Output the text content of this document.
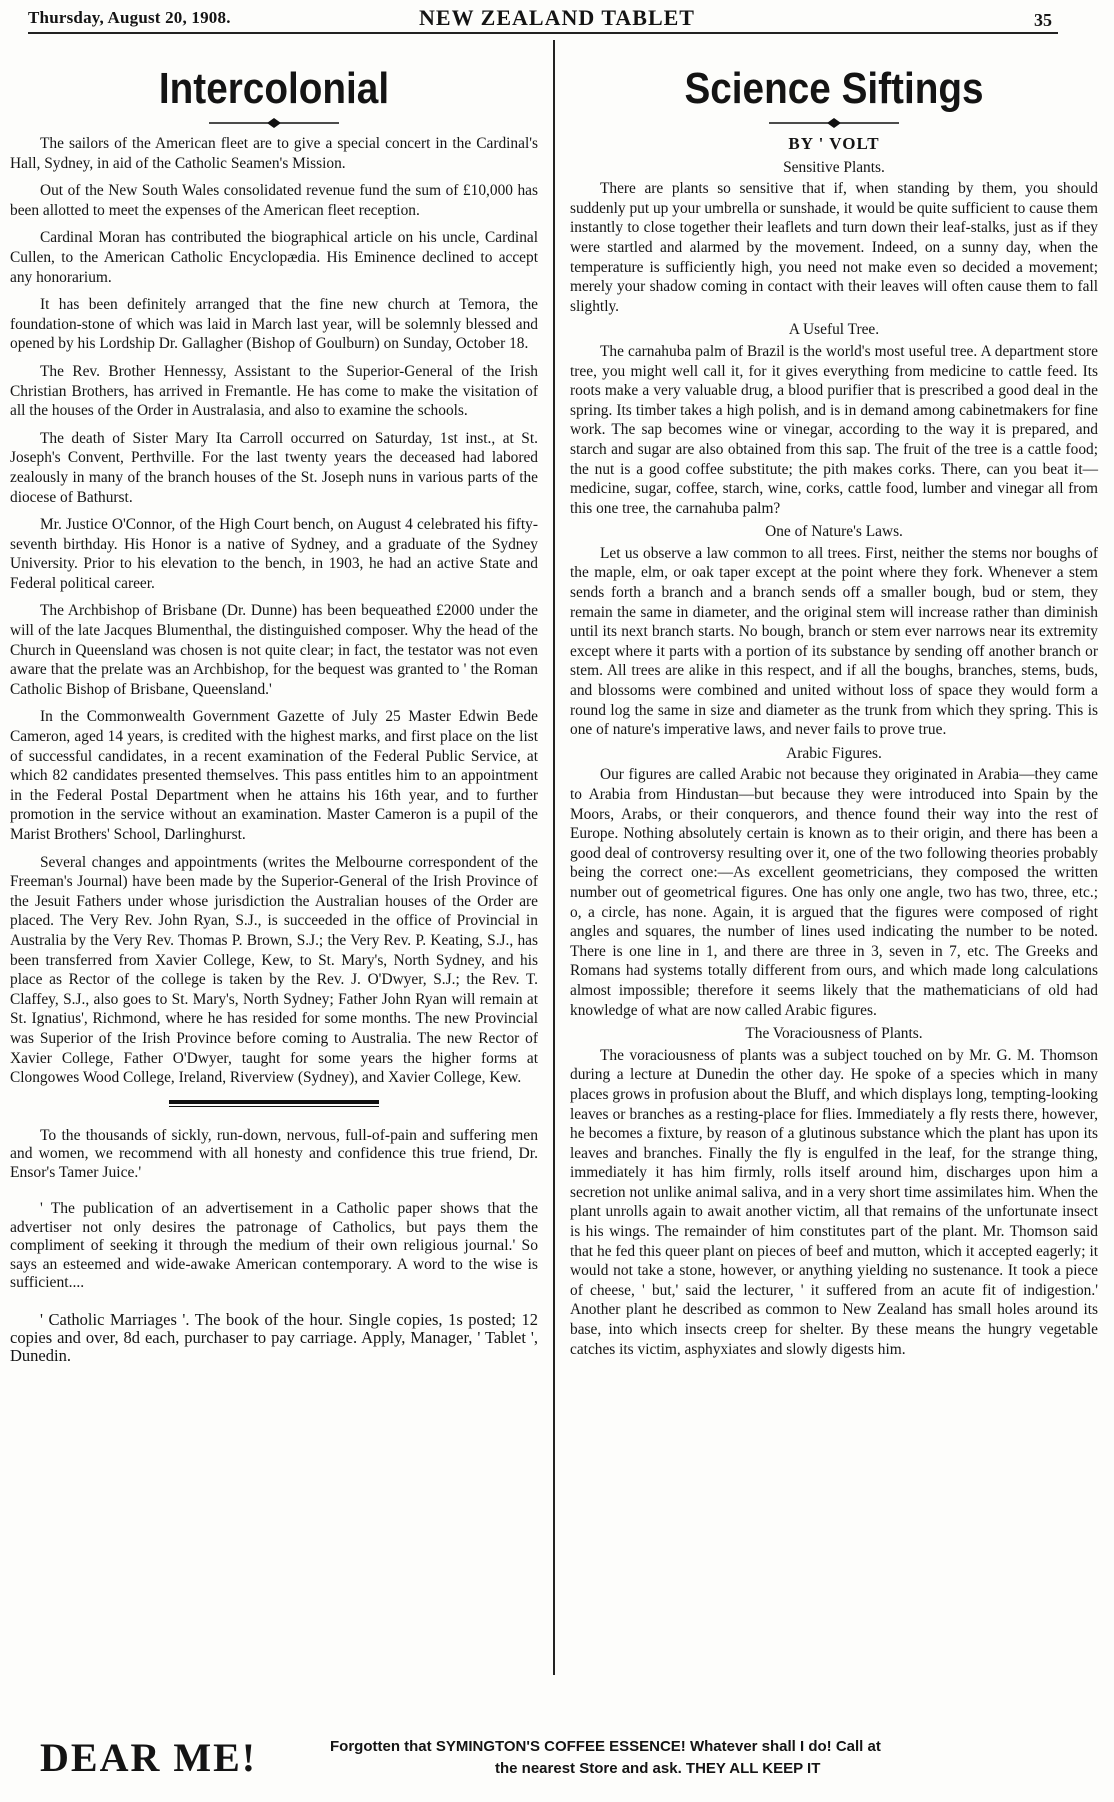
Thursday, August 20, 1908.	NEW ZEALAND TABLET	35
Intercolonial

The sailors of the American fleet are to give a special concert in the Cardinal's Hall, Sydney, in aid of the Catholic Seamen's Mission.

Out of the New South Wales consolidated revenue fund the sum of £10,000 has been allotted to meet the expenses of the American fleet reception.

Cardinal Moran has contributed the biographical article on his uncle, Cardinal Cullen, to the American Catholic Encyclopædia. His Eminence declined to accept any honorarium.

It has been definitely arranged that the fine new church at Temora, the foundation-stone of which was laid in March last year, will be solemnly blessed and opened by his Lordship Dr. Gallagher (Bishop of Goulburn) on Sunday, October 18.

The Rev. Brother Hennessy, Assistant to the Superior-General of the Irish Christian Brothers, has arrived in Fremantle. He has come to make the visitation of all the houses of the Order in Australasia, and also to examine the schools.

The death of Sister Mary Ita Carroll occurred on Saturday, 1st inst., at St. Joseph's Convent, Perthville. For the last twenty years the deceased had labored zealously in many of the branch houses of the St. Joseph nuns in various parts of the diocese of Bathurst.

Mr. Justice O'Connor, of the High Court bench, on August 4 celebrated his fifty-seventh birthday. His Honor is a native of Sydney, and a graduate of the Sydney University. Prior to his elevation to the bench, in 1903, he had an active State and Federal political career.

The Archbishop of Brisbane (Dr. Dunne) has been bequeathed £2000 under the will of the late Jacques Blumenthal, the distinguished composer. Why the head of the Church in Queensland was chosen is not quite clear; in fact, the testator was not even aware that the prelate was an Archbishop, for the bequest was granted to ' the Roman Catholic Bishop of Brisbane, Queensland.'

In the Commonwealth Government Gazette of July 25 Master Edwin Bede Cameron, aged 14 years, is credited with the highest marks, and first place on the list of successful candidates, in a recent examination of the Federal Public Service, at which 82 candidates presented themselves. This pass entitles him to an appointment in the Federal Postal Department when he attains his 16th year, and to further promotion in the service without an examination. Master Cameron is a pupil of the Marist Brothers' School, Darlinghurst.

Several changes and appointments (writes the Melbourne correspondent of the Freeman's Journal) have been made by the Superior-General of the Irish Province of the Jesuit Fathers under whose jurisdiction the Australian houses of the Order are placed. The Very Rev. John Ryan, S.J., is succeeded in the office of Provincial in Australia by the Very Rev. Thomas P. Brown, S.J.; the Very Rev. P. Keating, S.J., has been transferred from Xavier College, Kew, to St. Mary's, North Sydney, and his place as Rector of the college is taken by the Rev. J. O'Dwyer, S.J.; the Rev. T. Claffey, S.J., also goes to St. Mary's, North Sydney; Father John Ryan will remain at St. Ignatius', Richmond, where he has resided for some months. The new Provincial was Superior of the Irish Province before coming to Australia. The new Rector of Xavier College, Father O'Dwyer, taught for some years the higher forms at Clongowes Wood College, Ireland, Riverview (Sydney), and Xavier College, Kew.

To the thousands of sickly, run-down, nervous, full-of-pain and suffering men and women, we recommend with all honesty and confidence this true friend, Dr. Ensor's Tamer Juice.'

' The publication of an advertisement in a Catholic paper shows that the advertiser not only desires the patronage of Catholics, but pays them the compliment of seeking it through the medium of their own religious journal.' So says an esteemed and wide-awake American contemporary. A word to the wise is sufficient....

' Catholic Marriages '. The book of the hour. Single copies, 1s posted; 12 copies and over, 8d each, purchaser to pay carriage. Apply, Manager, ' Tablet ', Dunedin.

Science Siftings
BY ' VOLT
Sensitive Plants.

There are plants so sensitive that if, when standing by them, you should suddenly put up your umbrella or sunshade, it would be quite sufficient to cause them instantly to close together their leaflets and turn down their leaf-stalks, just as if they were startled and alarmed by the movement. Indeed, on a sunny day, when the temperature is sufficiently high, you need not make even so decided a movement; merely your shadow coming in contact with their leaves will often cause them to fall slightly.

A Useful Tree.

The carnahuba palm of Brazil is the world's most useful tree. A department store tree, you might well call it, for it gives everything from medicine to cattle feed. Its roots make a very valuable drug, a blood purifier that is prescribed a good deal in the spring. Its timber takes a high polish, and is in demand among cabinetmakers for fine work. The sap becomes wine or vinegar, according to the way it is prepared, and starch and sugar are also obtained from this sap. The fruit of the tree is a cattle food; the nut is a good coffee substitute; the pith makes corks. There, can you beat it—medicine, sugar, coffee, starch, wine, corks, cattle food, lumber and vinegar all from this one tree, the carnahuba palm?

One of Nature's Laws.

Let us observe a law common to all trees. First, neither the stems nor boughs of the maple, elm, or oak taper except at the point where they fork. Whenever a stem sends forth a branch and a branch sends off a smaller bough, bud or stem, they remain the same in diameter, and the original stem will increase rather than diminish until its next branch starts. No bough, branch or stem ever narrows near its extremity except where it parts with a portion of its substance by sending off another branch or stem. All trees are alike in this respect, and if all the boughs, branches, stems, buds, and blossoms were combined and united without loss of space they would form a round log the same in size and diameter as the trunk from which they spring. This is one of nature's imperative laws, and never fails to prove true.

Arabic Figures.

Our figures are called Arabic not because they originated in Arabia—they came to Arabia from Hindustan—but because they were introduced into Spain by the Moors, Arabs, or their conquerors, and thence found their way into the rest of Europe. Nothing absolutely certain is known as to their origin, and there has been a good deal of controversy resulting over it, one of the two following theories probably being the correct one:—As excellent geometricians, they composed the written number out of geometrical figures. One has only one angle, two has two, three, etc.; o, a circle, has none. Again, it is argued that the figures were composed of right angles and squares, the number of lines used indicating the number to be noted. There is one line in 1, and there are three in 3, seven in 7, etc. The Greeks and Romans had systems totally different from ours, and which made long calculations almost impossible; therefore it seems likely that the mathematicians of old had knowledge of what are now called Arabic figures.

The Voraciousness of Plants.

The voraciousness of plants was a subject touched on by Mr. G. M. Thomson during a lecture at Dunedin the other day. He spoke of a species which in many places grows in profusion about the Bluff, and which displays long, tempting-looking leaves or branches as a resting-place for flies. Immediately a fly rests there, however, he becomes a fixture, by reason of a glutinous substance which the plant has upon its leaves and branches. Finally the fly is engulfed in the leaf, for the strange thing, immediately it has him firmly, rolls itself around him, discharges upon him a secretion not unlike animal saliva, and in a very short time assimilates him. When the plant unrolls again to await another victim, all that remains of the unfortunate insect is his wings. The remainder of him constitutes part of the plant. Mr. Thomson said that he fed this queer plant on pieces of beef and mutton, which it accepted eagerly; it would not take a stone, however, or anything yielding no sustenance. It took a piece of cheese, ' but,' said the lecturer, ' it suffered from an acute fit of indigestion.' Another plant he described as common to New Zealand has small holes around its base, into which insects creep for shelter. By these means the hungry vegetable catches its victim, asphyxiates and slowly digests him.

DEAR ME!	Forgotten that SYMINGTON'S COFFEE ESSENCE! Whatever shall I do! Call at
the nearest Store and ask. THEY ALL KEEP IT
